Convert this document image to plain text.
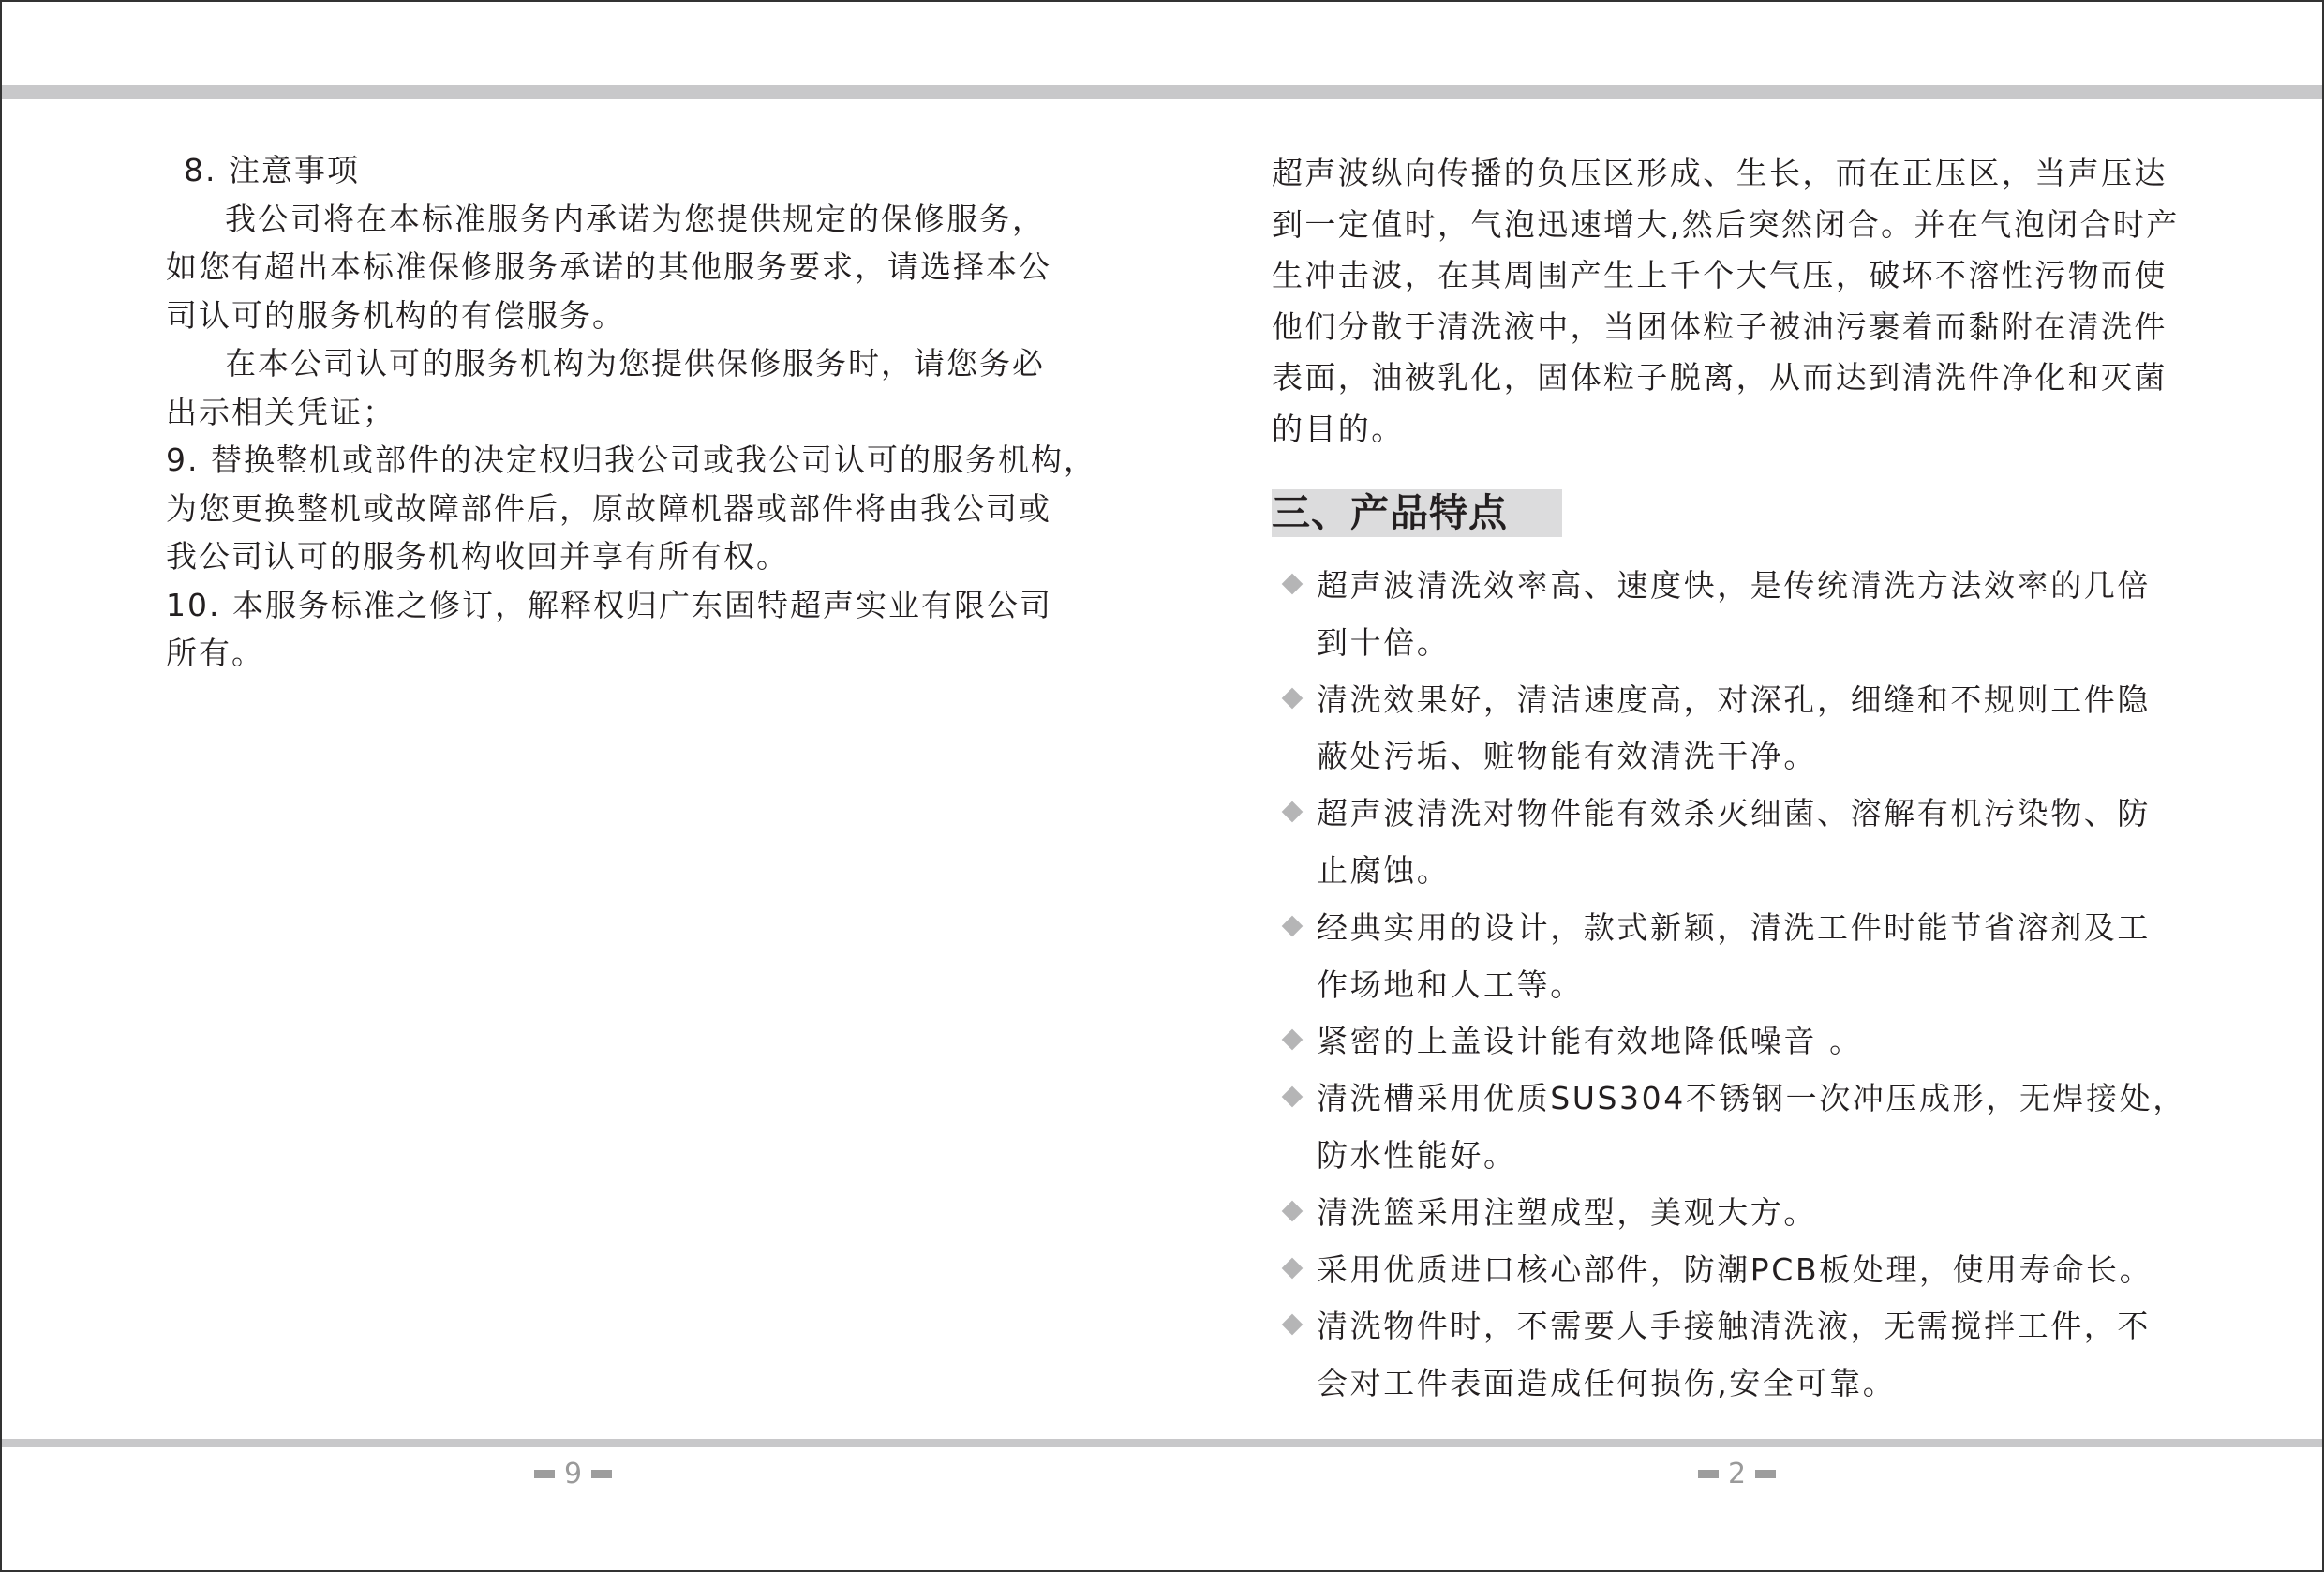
8. 注意事项
我公司将在本标准服务内承诺为您提供规定的保修服务，
如您有超出本标准保修服务承诺的其他服务要求，请选择本公
司认可的服务机构的有偿服务。
在本公司认可的服务机构为您提供保修服务时，请您务必
出示相关凭证；
9. 替换整机或部件的决定权归我公司或我公司认可的服务机构，
为您更换整机或故障部件后，原故障机器或部件将由我公司或
我公司认可的服务机构收回并享有所有权。
10. 本服务标准之修订，解释权归广东固特超声实业有限公司
所有。
超声波纵向传播的负压区形成、生长，而在正压区，当声压达
到一定值时，气泡迅速增大,然后突然闭合。并在气泡闭合时产
生冲击波，在其周围产生上千个大气压，破坏不溶性污物而使
他们分散于清洗液中，当团体粒子被油污裹着而黏附在清洗件
表面，油被乳化，固体粒子脱离，从而达到清洗件净化和灭菌
的目的。
三、产品特点
超声波清洗效率高、速度快，是传统清洗方法效率的几倍
到十倍。
清洗效果好，清洁速度高，对深孔，细缝和不规则工件隐
蔽处污垢、赃物能有效清洗干净。
超声波清洗对物件能有效杀灭细菌、溶解有机污染物、防
止腐蚀。
经典实用的设计，款式新颖，清洗工件时能节省溶剂及工
作场地和人工等。
紧密的上盖设计能有效地降低噪音 。
清洗槽采用优质SUS304不锈钢一次冲压成形，无焊接处，
防水性能好。
清洗篮采用注塑成型，美观大方。
采用优质进口核心部件，防潮PCB板处理，使用寿命长。
清洗物件时，不需要人手接触清洗液，无需搅拌工件，不
会对工件表面造成任何损伤,安全可靠。
9	2
